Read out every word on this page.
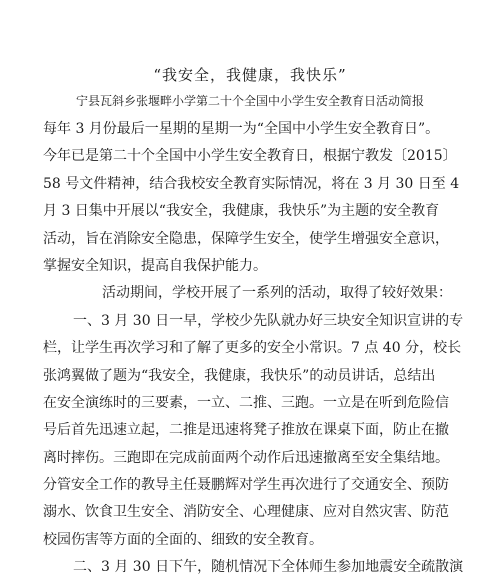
“我安全，我健康，我快乐”
宁县瓦斜乡张堰畔小学第二十个全国中小学生安全教育日活动简报
每年 3 月份最后一星期的星期一为“全国中小学生安全教育日”。
今年已是第二十个全国中小学生安全教育日，根据宁教发〔2015〕
58 号文件精神，结合我校安全教育实际情况，将在 3 月 30 日至 4
月 3 日集中开展以“我安全，我健康，我快乐”为主题的安全教育
活动，旨在消除安全隐患，保障学生安全，使学生增强安全意识，
掌握安全知识，提高自我保护能力。
活动期间，学校开展了一系列的活动，取得了较好效果：
一、3 月 30 日一早，学校少先队就办好三块安全知识宣讲的专
栏，让学生再次学习和了解了更多的安全小常识。7 点 40 分，校长
张鸿翼做了题为“我安全，我健康，我快乐”的动员讲话，总结出
在安全演练时的三要素，一立、二推、三跑。一立是在听到危险信
号后首先迅速立起，二推是迅速将凳子推放在课桌下面，防止在撤
离时摔伤。三跑即在完成前面两个动作后迅速撤离至安全集结地。
分管安全工作的教导主任聂鹏辉对学生再次进行了交通安全、预防
溺水、饮食卫生安全、消防安全、心理健康、应对自然灾害、防范
校园伤害等方面的全面的、细致的安全教育。
二、3 月 30 日下午，随机情况下全体师生参加地震安全疏散演
